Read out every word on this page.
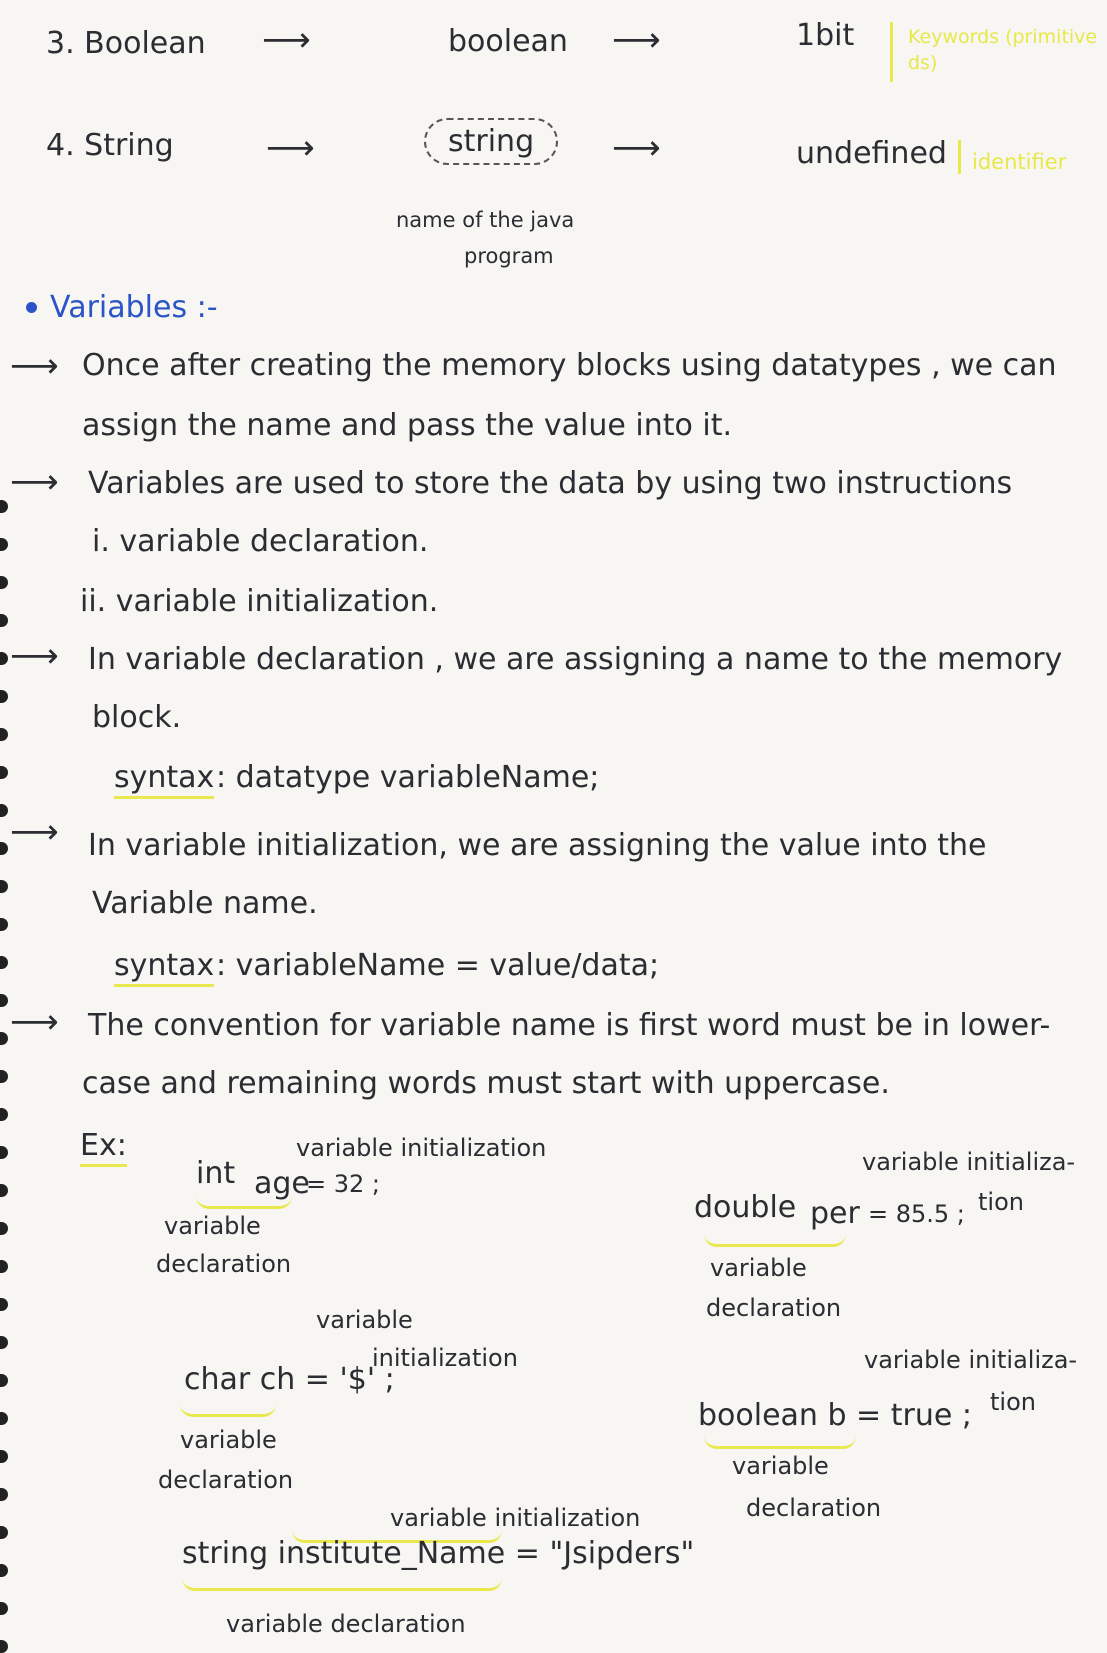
3. Boolean ⟶	boolean ⟶	1bit	Keywords (primitive ds)
4. String	⟶	string	⟶	undefined identifier
name of the java
program
Variables :-
⟶ Once after creating the memory blocks using datatypes , we can
assign the name and pass the value into it.
⟶ Variables are used to store the data by using two instructions
i. variable declaration.
ii. variable initialization.
⟶ In variable declaration , we are assigning a name to the memory
block.
syntax : datatype variableName;
⟶ In variable initialization, we are assigning the value into the
Variable name.
syntax : variableName = value/data;
⟶ The convention for variable name is first word must be in lower-
case and remaining words must start with uppercase.
Ex:	variable initialization
int age
= 32 ;
variable
declaration
variable initializa-
tion
double per = 85.5 ;
variable
declaration
variable
initialization
char ch = '$' ;
variable
declaration
variable initializa-
tion
boolean b = true ;
variable
declaration
variable initialization
string institute_Name = "Jsipders"
variable declaration
